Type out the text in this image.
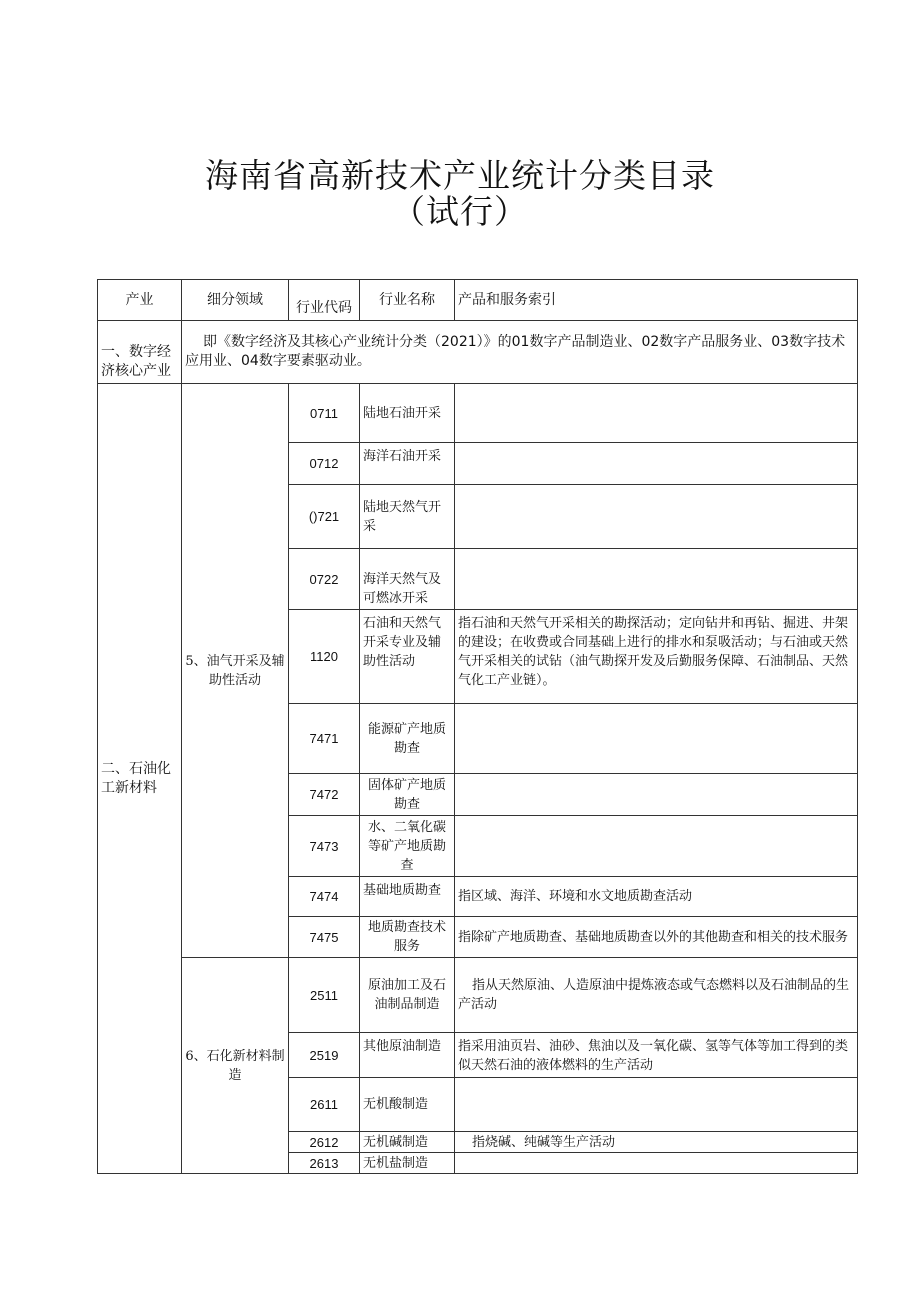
海南省高新技术产业统计分类目录
（试行）
产业	细分领域	行业代码	行业名称	产品和服务索引
一、数字经济核心产业	即《数字经济及其核心产业统计分类（2021）》的01数字产品制造业、02数字产品服务业、03数字技术应用业、04数字要素驱动业。			
二、石油化工新材料	5、油气开采及辅助性活动	0711	陆地石油开采	
		0712	海洋石油开采	
		()721	陆地天然气开采	
		0722	海洋天然气及可燃冰开采	
		1120	石油和天然气开采专业及辅助性活动	指石油和天然气开采相关的勘探活动；定向钻井和再钻、掘进、井架的建设；在收费或合同基础上进行的排水和泵吸活动；与石油或天然气开采相关的试钻（油气勘探开发及后勤服务保障、石油制品、天然气化工产业链）。
		7471	能源矿产地质勘查	
		7472	固体矿产地质勘查	
		7473	水、二氧化碳等矿产地质勘查	
		7474	基础地质勘查	指区域、海洋、环境和水文地质勘查活动
		7475	地质勘查技术服务	指除矿产地质勘查、基础地质勘查以外的其他勘查和相关的技术服务
	6、石化新材料制造	2511	原油加工及石油制品制造	指从天然原油、人造原油中提炼液态或气态燃料以及石油制品的生产活动
		2519	其他原油制造	指采用油页岩、油砂、焦油以及一氧化碳、氢等气体等加工得到的类似天然石油的液体燃料的生产活动
		2611	无机酸制造	
		2612	无机碱制造	指烧碱、纯碱等生产活动
		2613	无机盐制造	
